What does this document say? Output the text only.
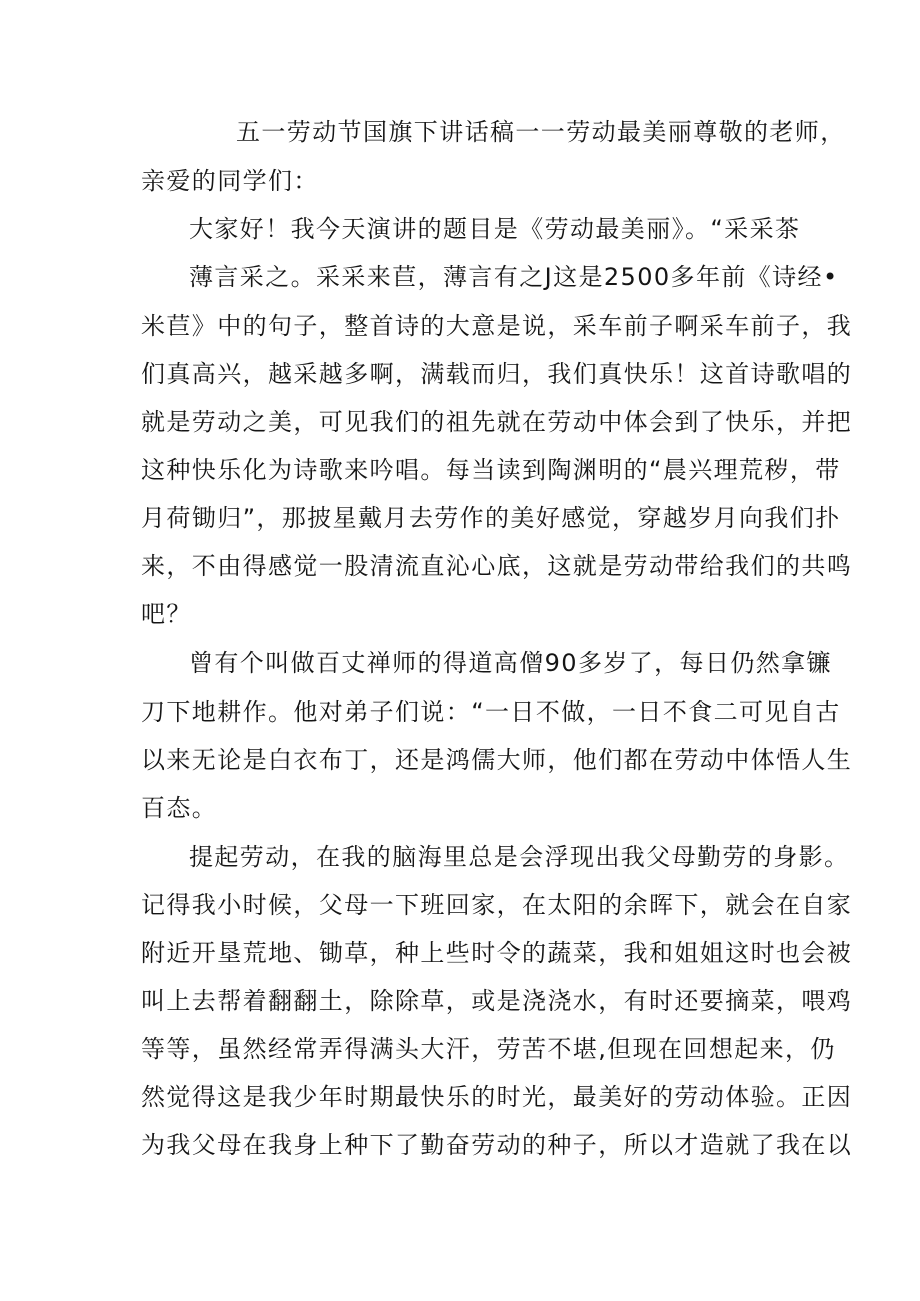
五一劳动节国旗下讲话稿一一劳动最美丽尊敬的老师，
亲爱的同学们：
大家好！我今天演讲的题目是《劳动最美丽》。“采采茶
薄言采之。采采来苣，薄言有之J这是2500多年前《诗经•
米苣》中的句子，整首诗的大意是说，采车前子啊采车前子，我
们真高兴，越采越多啊，满载而归，我们真快乐！这首诗歌唱的
就是劳动之美，可见我们的祖先就在劳动中体会到了快乐，并把
这种快乐化为诗歌来吟唱。每当读到陶渊明的“晨兴理荒秽，带
月荷锄归”，那披星戴月去劳作的美好感觉，穿越岁月向我们扑
来，不由得感觉一股清流直沁心底，这就是劳动带给我们的共鸣
吧？
曾有个叫做百丈禅师的得道高僧90多岁了，每日仍然拿镰
刀下地耕作。他对弟子们说：“一日不做，一日不食二可见自古
以来无论是白衣布丁，还是鸿儒大师，他们都在劳动中体悟人生
百态。
提起劳动，在我的脑海里总是会浮现出我父母勤劳的身影。
记得我小时候，父母一下班回家，在太阳的余晖下，就会在自家
附近开垦荒地、锄草，种上些时令的蔬菜，我和姐姐这时也会被
叫上去帮着翻翻土，除除草，或是浇浇水，有时还要摘菜，喂鸡
等等，虽然经常弄得满头大汗，劳苦不堪,但现在回想起来，仍
然觉得这是我少年时期最快乐的时光，最美好的劳动体验。正因
为我父母在我身上种下了勤奋劳动的种子，所以才造就了我在以
